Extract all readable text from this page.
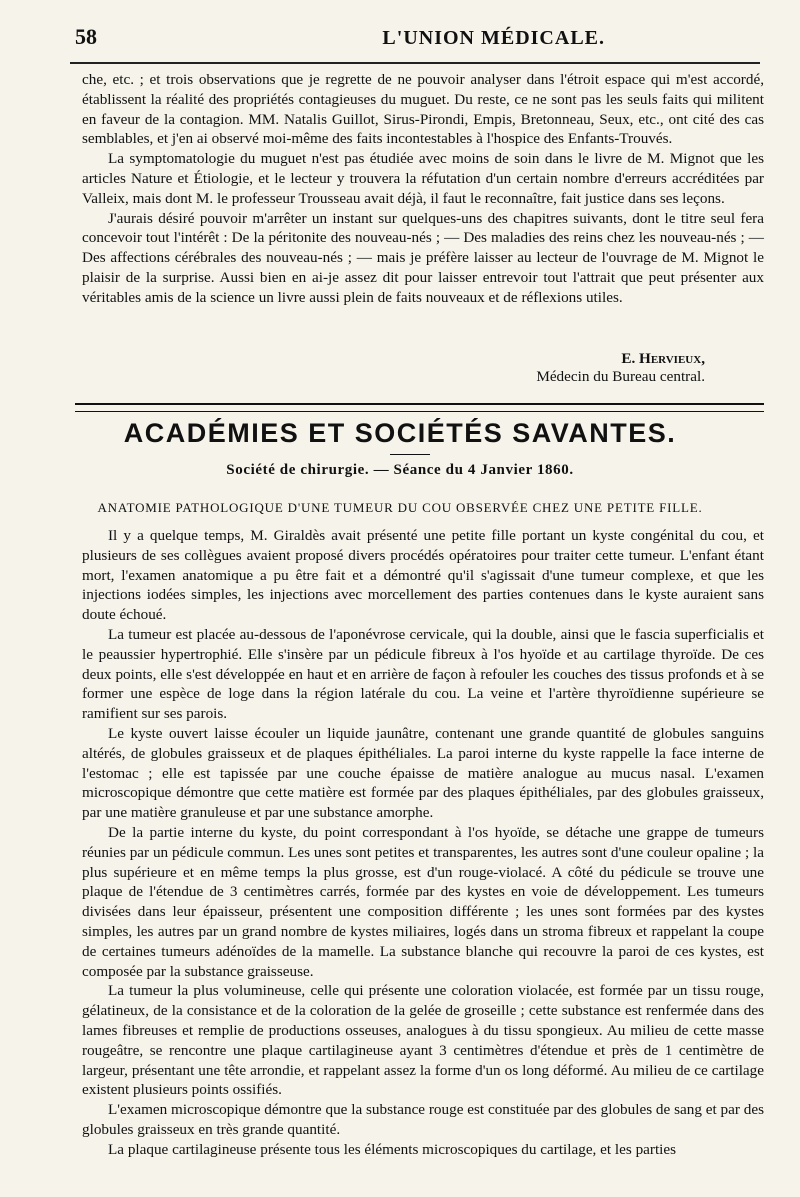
58	L'UNION MÉDICALE.

che, etc. ; et trois observations que je regrette de ne pouvoir analyser dans l'étroit espace qui m'est accordé, établissent la réalité des propriétés contagieuses du muguet. Du reste, ce ne sont pas les seuls faits qui militent en faveur de la contagion. MM. Natalis Guillot, Sirus-Pirondi, Empis, Bretonneau, Seux, etc., ont cité des cas semblables, et j'en ai observé moi-même des faits incontestables à l'hospice des Enfants-Trouvés.

La symptomatologie du muguet n'est pas étudiée avec moins de soin dans le livre de M. Mignot que les articles Nature et Étiologie, et le lecteur y trouvera la réfutation d'un certain nombre d'erreurs accréditées par Valleix, mais dont M. le professeur Trousseau avait déjà, il faut le reconnaître, fait justice dans ses leçons.

J'aurais désiré pouvoir m'arrêter un instant sur quelques-uns des chapitres suivants, dont le titre seul fera concevoir tout l'intérêt : De la péritonite des nouveau-nés ; — Des maladies des reins chez les nouveau-nés ; — Des affections cérébrales des nouveau-nés ; — mais je préfère laisser au lecteur de l'ouvrage de M. Mignot le plaisir de la surprise. Aussi bien en ai-je assez dit pour laisser entrevoir tout l'attrait que peut présenter aux véritables amis de la science un livre aussi plein de faits nouveaux et de réflexions utiles.

E. Hervieux,
Médecin du Bureau central.
ACADÉMIES ET SOCIÉTÉS SAVANTES.
Société de chirurgie. — Séance du 4 Janvier 1860.
ANATOMIE PATHOLOGIQUE D'UNE TUMEUR DU COU OBSERVÉE CHEZ UNE PETITE FILLE.

Il y a quelque temps, M. Giraldès avait présenté une petite fille portant un kyste congénital du cou, et plusieurs de ses collègues avaient proposé divers procédés opératoires pour traiter cette tumeur. L'enfant étant mort, l'examen anatomique a pu être fait et a démontré qu'il s'agissait d'une tumeur complexe, et que les injections iodées simples, les injections avec morcellement des parties contenues dans le kyste auraient sans doute échoué.

La tumeur est placée au-dessous de l'aponévrose cervicale, qui la double, ainsi que le fascia superficialis et le peaussier hypertrophié. Elle s'insère par un pédicule fibreux à l'os hyoïde et au cartilage thyroïde. De ces deux points, elle s'est développée en haut et en arrière de façon à refouler les couches des tissus profonds et à se former une espèce de loge dans la région latérale du cou. La veine et l'artère thyroïdienne supérieure se ramifient sur ses parois.

Le kyste ouvert laisse écouler un liquide jaunâtre, contenant une grande quantité de globules sanguins altérés, de globules graisseux et de plaques épithéliales. La paroi interne du kyste rappelle la face interne de l'estomac ; elle est tapissée par une couche épaisse de matière analogue au mucus nasal. L'examen microscopique démontre que cette matière est formée par des plaques épithéliales, par des globules graisseux, par une matière granuleuse et par une substance amorphe.

De la partie interne du kyste, du point correspondant à l'os hyoïde, se détache une grappe de tumeurs réunies par un pédicule commun. Les unes sont petites et transparentes, les autres sont d'une couleur opaline ; la plus supérieure et en même temps la plus grosse, est d'un rouge-violacé. A côté du pédicule se trouve une plaque de l'étendue de 3 centimètres carrés, formée par des kystes en voie de développement. Les tumeurs divisées dans leur épaisseur, présentent une composition différente ; les unes sont formées par des kystes simples, les autres par un grand nombre de kystes miliaires, logés dans un stroma fibreux et rappelant la coupe de certaines tumeurs adénoïdes de la mamelle. La substance blanche qui recouvre la paroi de ces kystes, est composée par la substance graisseuse.

La tumeur la plus volumineuse, celle qui présente une coloration violacée, est formée par un tissu rouge, gélatineux, de la consistance et de la coloration de la gelée de groseille ; cette substance est renfermée dans des lames fibreuses et remplie de productions osseuses, analogues à du tissu spongieux. Au milieu de cette masse rougeâtre, se rencontre une plaque cartilagineuse ayant 3 centimètres d'étendue et près de 1 centimètre de largeur, présentant une tête arrondie, et rappelant assez la forme d'un os long déformé. Au milieu de ce cartilage existent plusieurs points ossifiés.

L'examen microscopique démontre que la substance rouge est constituée par des globules de sang et par des globules graisseux en très grande quantité.

La plaque cartilagineuse présente tous les éléments microscopiques du cartilage, et les parties
